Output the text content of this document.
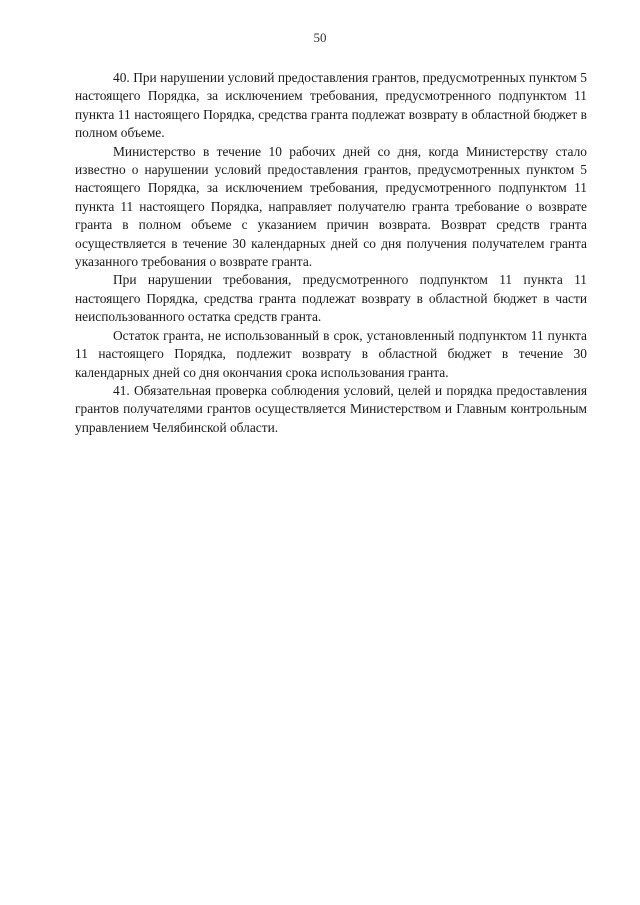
50

40. При нарушении условий предоставления грантов, предусмотренных пунктом 5 настоящего Порядка, за исключением требования, предусмотренного подпунктом 11 пункта 11 настоящего Порядка, средства гранта подлежат возврату в областной бюджет в полном объеме.

Министерство в течение 10 рабочих дней со дня, когда Министерству стало известно о нарушении условий предоставления грантов, предусмотренных пунктом 5 настоящего Порядка, за исключением требования, предусмотренного подпунктом 11 пункта 11 настоящего Порядка, направляет получателю гранта требование о возврате гранта в полном объеме с указанием причин возврата. Возврат средств гранта осуществляется в течение 30 календарных дней со дня получения получателем гранта указанного требования о возврате гранта.

При нарушении требования, предусмотренного подпунктом 11 пункта 11 настоящего Порядка, средства гранта подлежат возврату в областной бюджет в части неиспользованного остатка средств гранта.

Остаток гранта, не использованный в срок, установленный подпунктом 11 пункта 11 настоящего Порядка, подлежит возврату в областной бюджет в течение 30 календарных дней со дня окончания срока использования гранта.

41. Обязательная проверка соблюдения условий, целей и порядка предоставления грантов получателями грантов осуществляется Министерством и Главным контрольным управлением Челябинской области.
